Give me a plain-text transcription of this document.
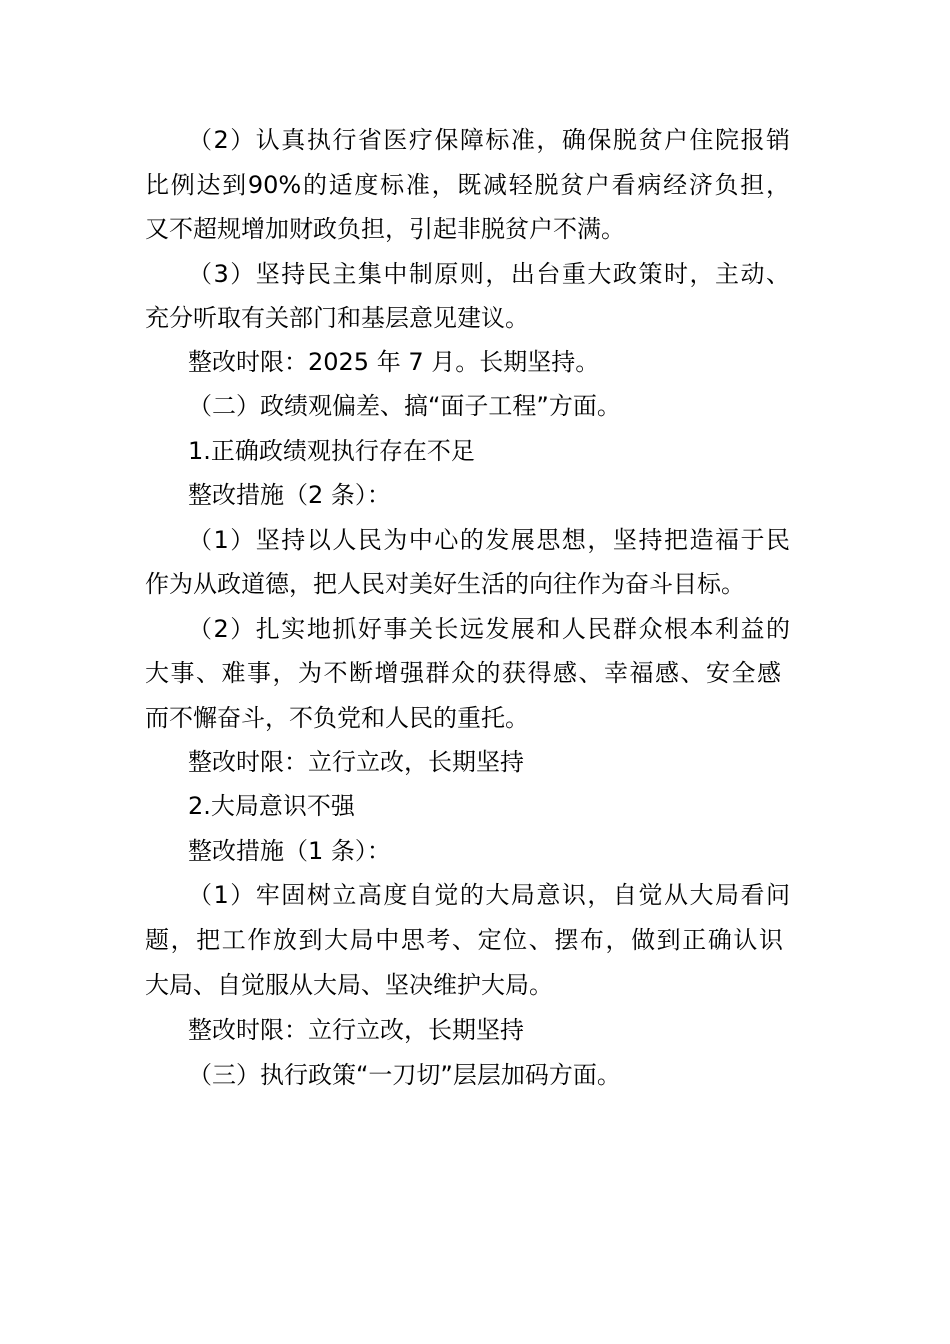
（2）认真执行省医疗保障标准，确保脱贫户住院报销
比例达到90%的适度标准，既减轻脱贫户看病经济负担，
又不超规增加财政负担，引起非脱贫户不满。
（3）坚持民主集中制原则，出台重大政策时，主动、
充分听取有关部门和基层意见建议。
整改时限：2025 年 7 月。长期坚持。
（二）政绩观偏差、搞“面子工程”方面。
1.正确政绩观执行存在不足
整改措施（2 条）：
（1）坚持以人民为中心的发展思想，坚持把造福于民
作为从政道德，把人民对美好生活的向往作为奋斗目标。
（2）扎实地抓好事关长远发展和人民群众根本利益的
大事、难事，为不断增强群众的获得感、幸福感、安全感
而不懈奋斗，不负党和人民的重托。
整改时限：立行立改，长期坚持
2.大局意识不强
整改措施（1 条）：
（1）牢固树立高度自觉的大局意识，自觉从大局看问
题，把工作放到大局中思考、定位、摆布，做到正确认识
大局、自觉服从大局、坚决维护大局。
整改时限：立行立改，长期坚持
（三）执行政策“一刀切”层层加码方面。
